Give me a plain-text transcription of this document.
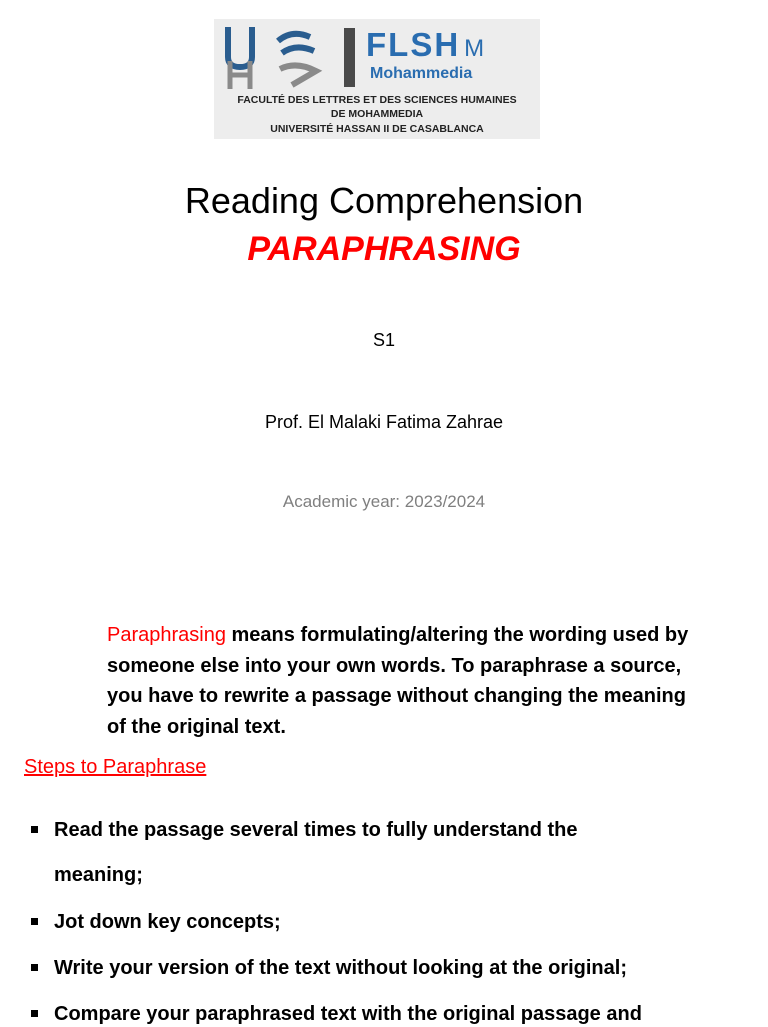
FLSH M
Mohammedia
FACULTÉ DES LETTRES ET DES SCIENCES HUMAINES
DE MOHAMMEDIA
UNIVERSITÉ HASSAN II DE CASABLANCA
Reading Comprehension
PARAPHRASING
S1
Prof. El Malaki Fatima Zahrae
Academic year: 2023/2024
Paraphrasing means formulating/altering the wording used by someone else into your own words. To paraphrase a source, you have to rewrite a passage without changing the meaning of the original text.
Steps to Paraphrase
Read the passage several times to fully understand the
meaning;
Jot down key concepts;
Write your version of the text without looking at the original;
Compare your paraphrased text with the original passage and
